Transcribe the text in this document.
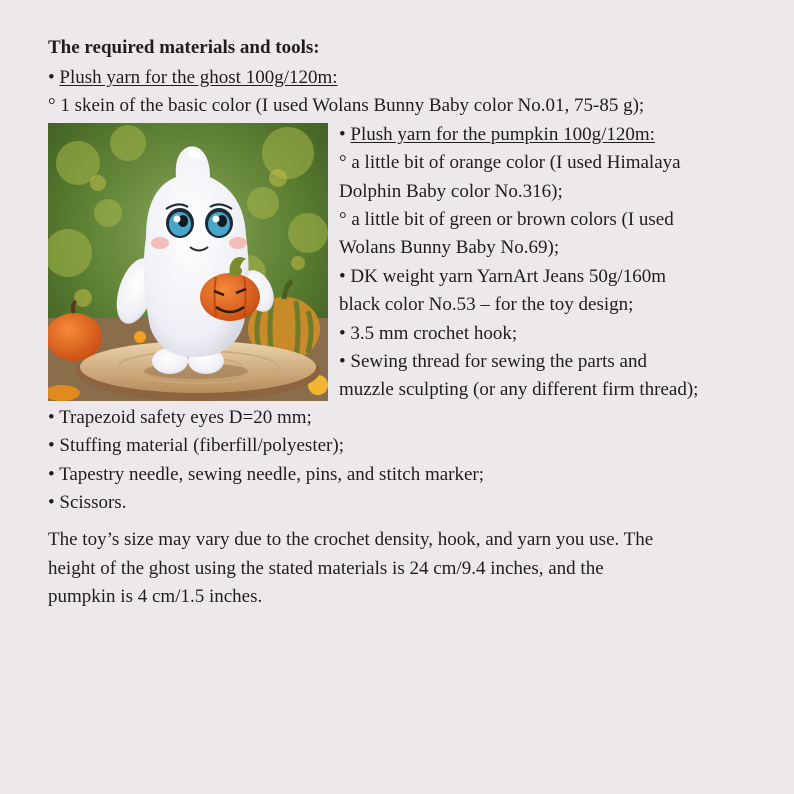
The required materials and tools:

• Plush yarn for the ghost 100g/120m:

° 1 skein of the basic color (I used Wolans Bunny Baby color No.01, 75-85 g);

• Plush yarn for the pumpkin 100g/120m:

° a little bit of orange color (I used Himalaya

Dolphin Baby color No.316);

° a little bit of green or brown colors (I used

Wolans Bunny Baby No.69);

• DK weight yarn YarnArt Jeans 50g/160m

black color No.53 – for the toy design;

• 3.5 mm crochet hook;

• Sewing thread for sewing the parts and

muzzle sculpting (or any different firm thread);

• Trapezoid safety eyes D=20 mm;

• Stuffing material (fiberfill/polyester);

• Tapestry needle, sewing needle, pins, and stitch marker;

• Scissors.

The toy’s size may vary due to the crochet density, hook, and yarn you use. The

height of the ghost using the stated materials is 24 cm/9.4 inches, and the

pumpkin is 4 cm/1.5 inches.
